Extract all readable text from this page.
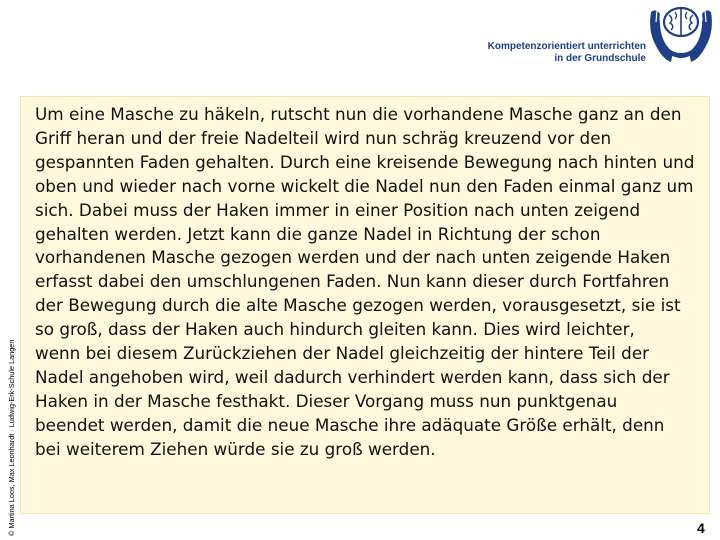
© Martina Loos, Max Leonhardt · Ludwig-Erk-Schule Langen
Kompetenzorientiert unterrichten
in der Grundschule

Um eine Masche zu häkeln, rutscht nun die vorhandene Masche ganz an den
Griff heran und der freie Nadelteil wird nun schräg kreuzend vor den
gespannten Faden gehalten. Durch eine kreisende Bewegung nach hinten und
oben und wieder nach vorne wickelt die Nadel nun den Faden einmal ganz um
sich. Dabei muss der Haken immer in einer Position nach unten zeigend
gehalten werden. Jetzt kann die ganze Nadel in Richtung der schon
vorhandenen Masche gezogen werden und der nach unten zeigende Haken
erfasst dabei den umschlungenen Faden. Nun kann dieser durch Fortfahren
der Bewegung durch die alte Masche gezogen werden, vorausgesetzt, sie ist
so groß, dass der Haken auch hindurch gleiten kann. Dies wird leichter,
wenn bei diesem Zurückziehen der Nadel gleichzeitig der hintere Teil der
Nadel angehoben wird, weil dadurch verhindert werden kann, dass sich der
Haken in der Masche festhakt. Dieser Vorgang muss nun punktgenau
beendet werden, damit die neue Masche ihre adäquate Größe erhält, denn
bei weiterem Ziehen würde sie zu groß werden.

4
